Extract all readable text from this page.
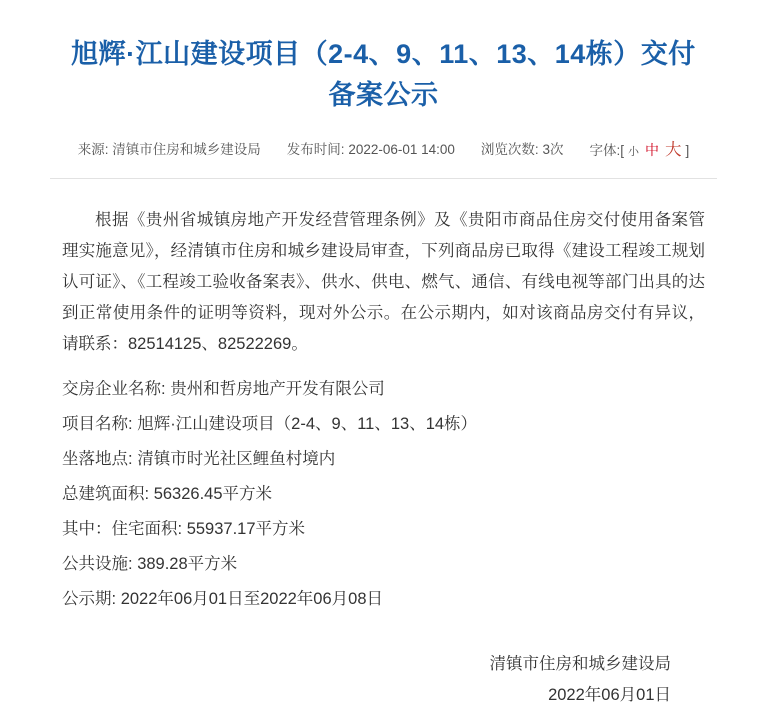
旭辉·江山建设项目（2-4、9、11、13、14栋）交付备案公示
来源: 清镇市住房和城乡建设局 发布时间: 2022-06-01 14:00 浏览次数: 3次 字体:[ 小 中 大 ]

根据《贵州省城镇房地产开发经营管理条例》及《贵阳市商品住房交付使用备案管理实施意见》，经清镇市住房和城乡建设局审查，下列商品房已取得《建设工程竣工规划认可证》、《工程竣工验收备案表》、供水、供电、燃气、通信、有线电视等部门出具的达到正常使用条件的证明等资料，现对外公示。在公示期内，如对该商品房交付有异议，请联系：82514125、82522269。

交房企业名称: 贵州和哲房地产开发有限公司
项目名称: 旭辉·江山建设项目（2-4、9、11、13、14栋）
坐落地点: 清镇市时光社区鲤鱼村境内
总建筑面积: 56326.45平方米
其中：住宅面积: 55937.17平方米
公共设施: 389.28平方米
公示期: 2022年06月01日至2022年06月08日
清镇市住房和城乡建设局
2022年06月01日
